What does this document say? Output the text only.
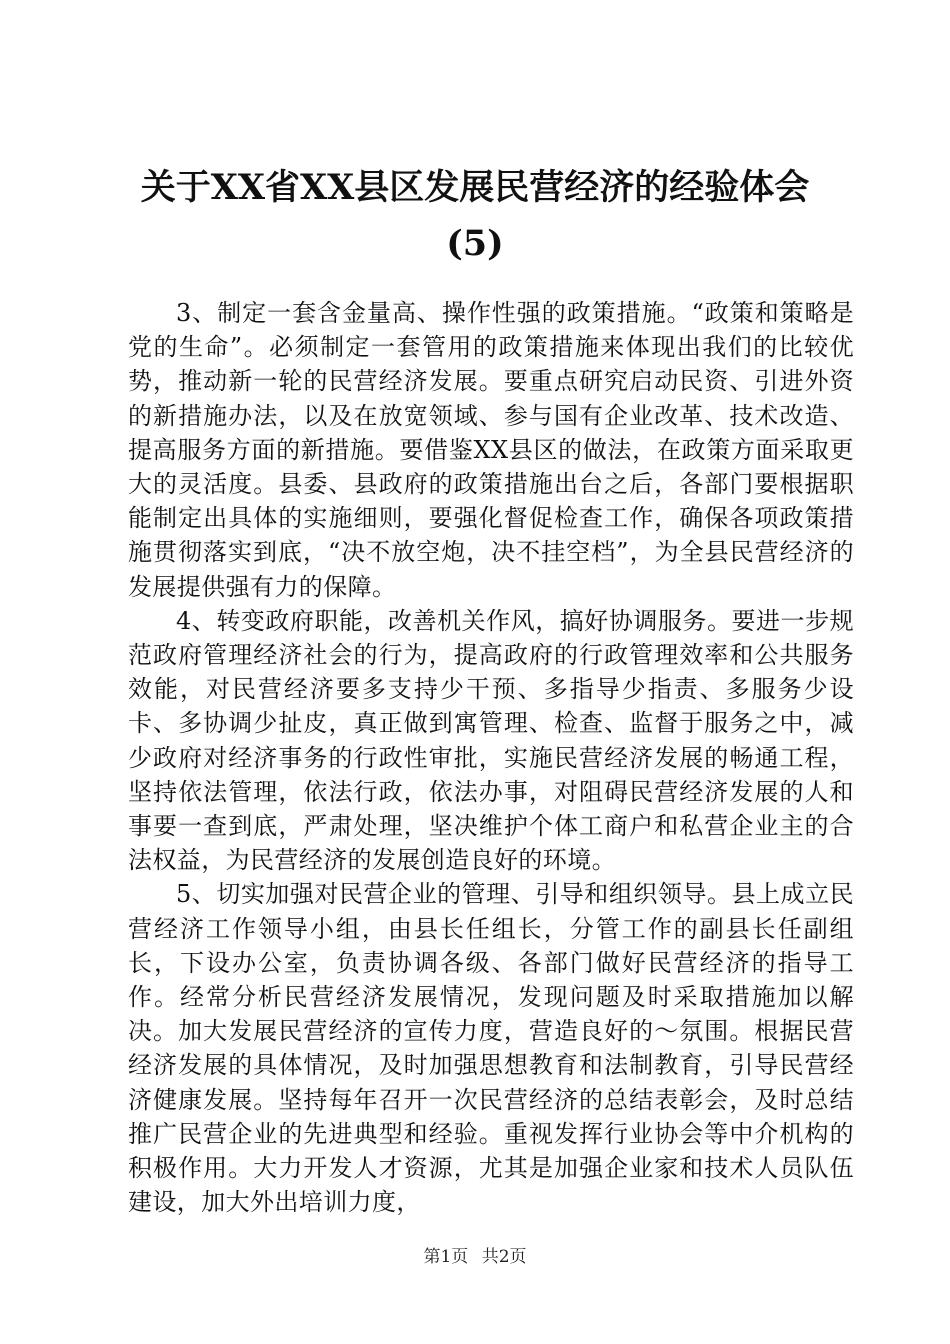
关于XX省XX县区发展民营经济的经验体会
(5)

3、制定一套含金量高、操作性强的政策措施。“政策和策略是党的生命”。必须制定一套管用的政策措施来体现出我们的比较优势，推动新一轮的民营经济发展。要重点研究启动民资、引进外资的新措施办法，以及在放宽领域、参与国有企业改革、技术改造、提高服务方面的新措施。要借鉴XX县区的做法，在政策方面采取更大的灵活度。县委、县政府的政策措施出台之后，各部门要根据职能制定出具体的实施细则，要强化督促检查工作，确保各项政策措施贯彻落实到底，“决不放空炮，决不挂空档”，为全县民营经济的发展提供强有力的保障。

4、转变政府职能，改善机关作风，搞好协调服务。要进一步规范政府管理经济社会的行为，提高政府的行政管理效率和公共服务效能，对民营经济要多支持少干预、多指导少指责、多服务少设卡、多协调少扯皮，真正做到寓管理、检查、监督于服务之中，减少政府对经济事务的行政性审批，实施民营经济发展的畅通工程，坚持依法管理，依法行政，依法办事，对阻碍民营经济发展的人和事要一查到底，严肃处理，坚决维护个体工商户和私营企业主的合法权益，为民营经济的发展创造良好的环境。

5、切实加强对民营企业的管理、引导和组织领导。县上成立民营经济工作领导小组，由县长任组长，分管工作的副县长任副组长，下设办公室，负责协调各级、各部门做好民营经济的指导工作。经常分析民营经济发展情况，发现问题及时采取措施加以解决。加大发展民营经济的宣传力度，营造良好的～氛围。根据民营经济发展的具体情况，及时加强思想教育和法制教育，引导民营经济健康发展。坚持每年召开一次民营经济的总结表彰会，及时总结推广民营企业的先进典型和经验。重视发挥行业协会等中介机构的积极作用。大力开发人才资源，尤其是加强企业家和技术人员队伍建设，加大外出培训力度，

第1页 共2页
